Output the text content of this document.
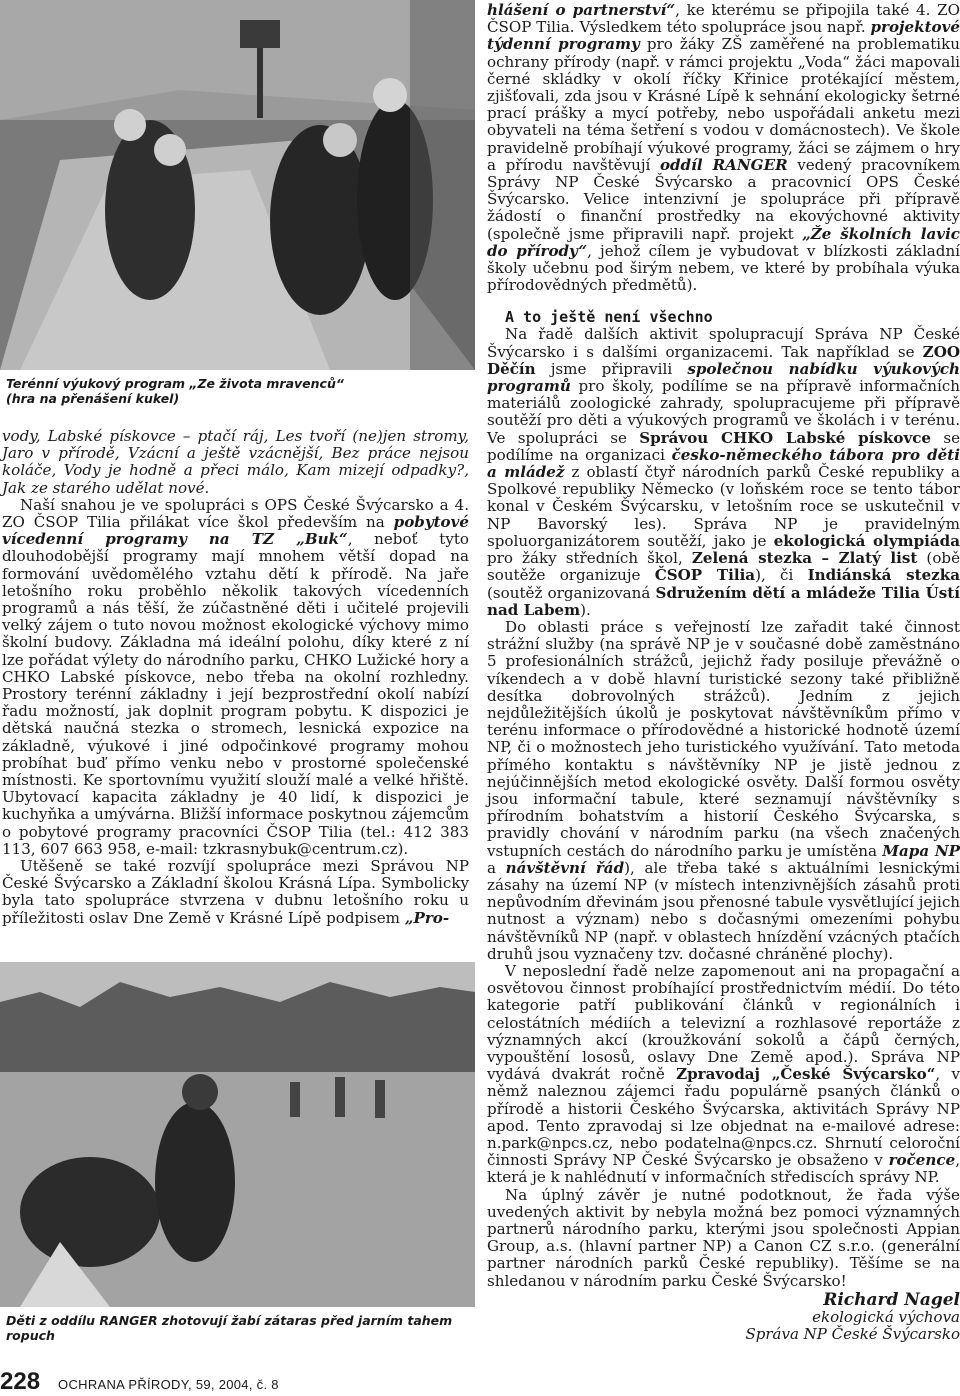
Terénní výukový program „Ze života mravenců“
(hra na přenášení kukel)

vody, Labské pískovce – ptačí ráj, Les tvoří (ne)jen stromy, Jaro v přírodě, Vzácní a ještě vzácnější, Bez práce nejsou koláče, Vody je hodně a přeci málo, Kam mizejí odpadky?, Jak ze starého udělat nové.

Naší snahou je ve spolupráci s OPS České Švýcarsko a 4. ZO ČSOP Tilia přilákat více škol především na pobytové vícedenní programy na TZ „Buk“, neboť tyto dlouhodobější programy mají mnohem větší dopad na formování uvědomělého vztahu dětí k přírodě. Na jaře letošního roku proběhlo několik takových vícedenních programů a nás těší, že zúčastněné děti i učitelé projevili velký zájem o tuto novou možnost ekologické výchovy mimo školní budovy. Základna má ideální polohu, díky které z ní lze pořádat výlety do národního parku, CHKO Lužické hory a CHKO Labské pískovce, nebo třeba na okolní rozhledny. Prostory terénní základny i její bezprostřední okolí nabízí řadu možností, jak doplnit program pobytu. K dispozici je dětská naučná stezka o stromech, lesnická expozice na základně, výukové i jiné odpočinkové programy mohou probíhat buď přímo venku nebo v prostorné společenské místnosti. Ke sportovnímu využití slouží malé a velké hřiště. Ubytovací kapacita základny je 40 lidí, k dispozici je kuchyňka a umývárna. Bližší informace poskytnou zájemcům o pobytové programy pracovníci ČSOP Tilia (tel.: 412 383 113, 607 663 958, e-mail: tzkrasnybuk@centrum.cz).

Utěšeně se také rozvíjí spolupráce mezi Správou NP České Švýcarsko a Základní školou Krásná Lípa. Symbolicky byla tato spolupráce stvrzena v dubnu letošního roku u příležitosti oslav Dne Země v Krásné Lípě podpisem „Pro-

Děti z oddílu RANGER zhotovují žabí zátaras před jarním tahem ropuch

hlášení o partnerství“, ke kterému se připojila také 4. ZO ČSOP Tilia. Výsledkem této spolupráce jsou např. projektové týdenní programy pro žáky ZŠ zaměřené na problematiku ochrany přírody (např. v rámci projektu „Voda“ žáci mapovali černé skládky v okolí říčky Křinice protékající městem, zjišťovali, zda jsou v Krásné Lípě k sehnání ekologicky šetrné prací prášky a mycí potřeby, nebo uspořádali anketu mezi obyvateli na téma šetření s vodou v domácnostech). Ve škole pravidelně probíhají výukové programy, žáci se zájmem o hry a přírodu navštěvují oddíl RANGER vedený pracovníkem Správy NP České Švýcarsko a pracovnicí OPS České Švýcarsko. Velice intenzivní je spolupráce při přípravě žádostí o finanční prostředky na ekovýchovné aktivity (společně jsme připravili např. projekt „Že školních lavic do přírody“, jehož cílem je vybudovat v blízkosti základní školy učebnu pod širým nebem, ve které by probíhala výuka přírodovědných předmětů).

A to ještě není všechno

Na řadě dalších aktivit spolupracují Správa NP České Švýcarsko i s dalšími organizacemi. Tak například se ZOO Děčín jsme připravili společnou nabídku výukových programů pro školy, podílíme se na přípravě informačních materiálů zoologické zahrady, spolupracujeme při přípravě soutěží pro děti a výukových programů ve školách i v terénu. Ve spolupráci se Správou CHKO Labské pískovce se podílíme na organizaci česko-německého tábora pro děti a mládež z oblastí čtyř národních parků České republiky a Spolkové republiky Německo (v loňském roce se tento tábor konal v Českém Švýcarsku, v letošním roce se uskutečnil v NP Bavorský les). Správa NP je pravidelným spoluorganizátorem soutěží, jako je ekologická olympiáda pro žáky středních škol, Zelená stezka – Zlatý list (obě soutěže organizuje ČSOP Tilia), či Indiánská stezka (soutěž organizovaná Sdružením dětí a mládeže Tilia Ústí nad Labem).

Do oblasti práce s veřejností lze zařadit také činnost strážní služby (na správě NP je v současné době zaměstnáno 5 profesionálních strážců, jejichž řady posiluje převážně o víkendech a v době hlavní turistické sezony také přibližně desítka dobrovolných strážců). Jedním z jejich nejdůležitějších úkolů je poskytovat návštěvníkům přímo v terénu informace o přírodovědné a historické hodnotě území NP, či o možnostech jeho turistického využívání. Tato metoda přímého kontaktu s návštěvníky NP je jistě jednou z nejúčinnějších metod ekologické osvěty. Další formou osvěty jsou informační tabule, které seznamují návštěvníky s přírodním bohatstvím a historií Českého Švýcarska, s pravidly chování v národním parku (na všech značených vstupních cestách do národního parku je umístěna Mapa NP a návštěvní řád), ale třeba také s aktuálními lesnickými zásahy na území NP (v místech intenzivnějších zásahů proti nepůvodním dřevinám jsou přenosné tabule vysvětlující jejich nutnost a význam) nebo s dočasnými omezeními pohybu návštěvníků NP (např. v oblastech hnízdění vzácných ptačích druhů jsou vyznačeny tzv. dočasné chráněné plochy).

V neposlední řadě nelze zapomenout ani na propagační a osvětovou činnost probíhající prostřednictvím médií. Do této kategorie patří publikování článků v regionálních i celostátních médiích a televizní a rozhlasové reportáže z významných akcí (kroužkování sokolů a čápů černých, vypouštění lososů, oslavy Dne Země apod.). Správa NP vydává dvakrát ročně Zpravodaj „České Švýcarsko“, v němž naleznou zájemci řadu populárně psaných článků o přírodě a historii Českého Švýcarska, aktivitách Správy NP apod. Tento zpravodaj si lze objednat na e-mailové adrese: n.park@npcs.cz, nebo podatelna@npcs.cz. Shrnutí celoroční činnosti Správy NP České Švýcarsko je obsaženo v ročence, která je k nahlédnutí v informačních střediscích správy NP.

Na úplný závěr je nutné podotknout, že řada výše uvedených aktivit by nebyla možná bez pomoci významných partnerů národního parku, kterými jsou společnosti Appian Group, a.s. (hlavní partner NP) a Canon CZ s.r.o. (generální partner národních parků České republiky). Těšíme se na shledanou v národním parku České Švýcarsko!

Richard Nagel
ekologická výchova
Správa NP České Švýcarsko
228 OCHRANA PŘÍRODY, 59, 2004, č. 8
